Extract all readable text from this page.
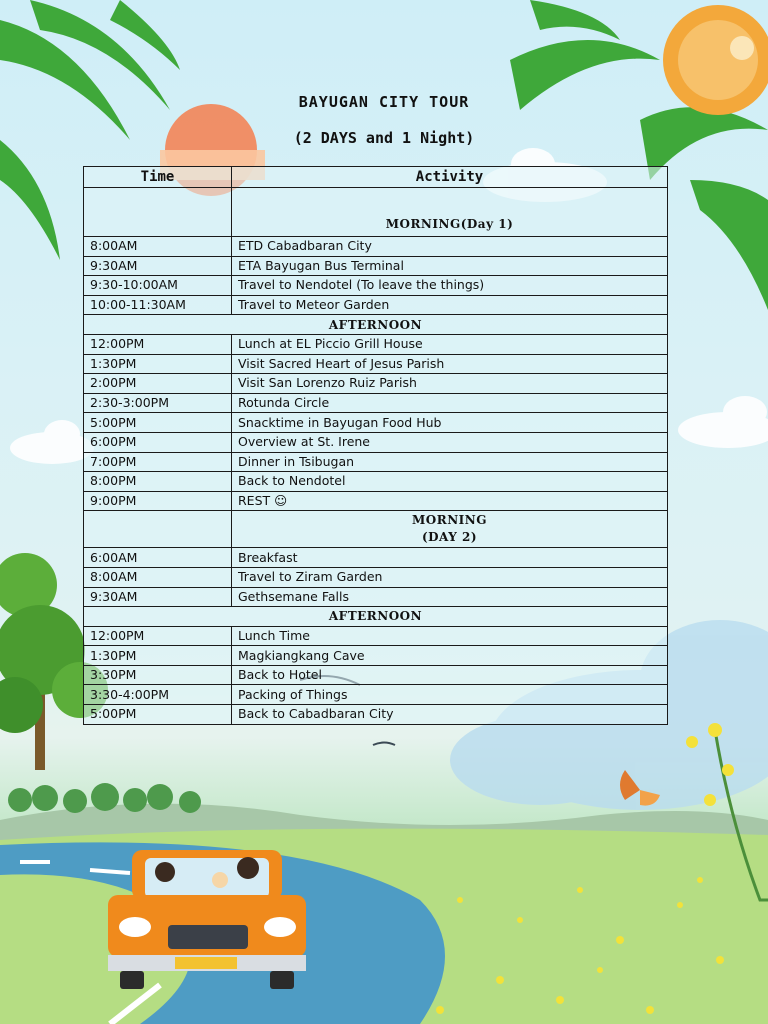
BAYUGAN CITY TOUR
(2 DAYS and 1 Night)
Time	Activity
	MORNING(Day 1)
8:00AM	ETD Cabadbaran City
9:30AM	ETA Bayugan Bus Terminal
9:30-10:00AM	Travel to Nendotel (To leave the things)
10:00-11:30AM	Travel to Meteor Garden
AFTERNOON	
12:00PM	Lunch at EL Piccio Grill House
1:30PM	Visit Sacred Heart of Jesus Parish
2:00PM	Visit San Lorenzo Ruiz Parish
2:30-3:00PM	Rotunda Circle
5:00PM	Snacktime in Bayugan Food Hub
6:00PM	Overview at St. Irene
7:00PM	Dinner in Tsibugan
8:00PM	Back to Nendotel
9:00PM	REST ☺
	MORNING
(DAY 2)
6:00AM	Breakfast
8:00AM	Travel to Ziram Garden
9:30AM	Gethsemane Falls
AFTERNOON	
12:00PM	Lunch Time
1:30PM	Magkiangkang Cave
3:30PM	Back to Hotel
3:30-4:00PM	Packing of Things
5:00PM	Back to Cabadbaran City
